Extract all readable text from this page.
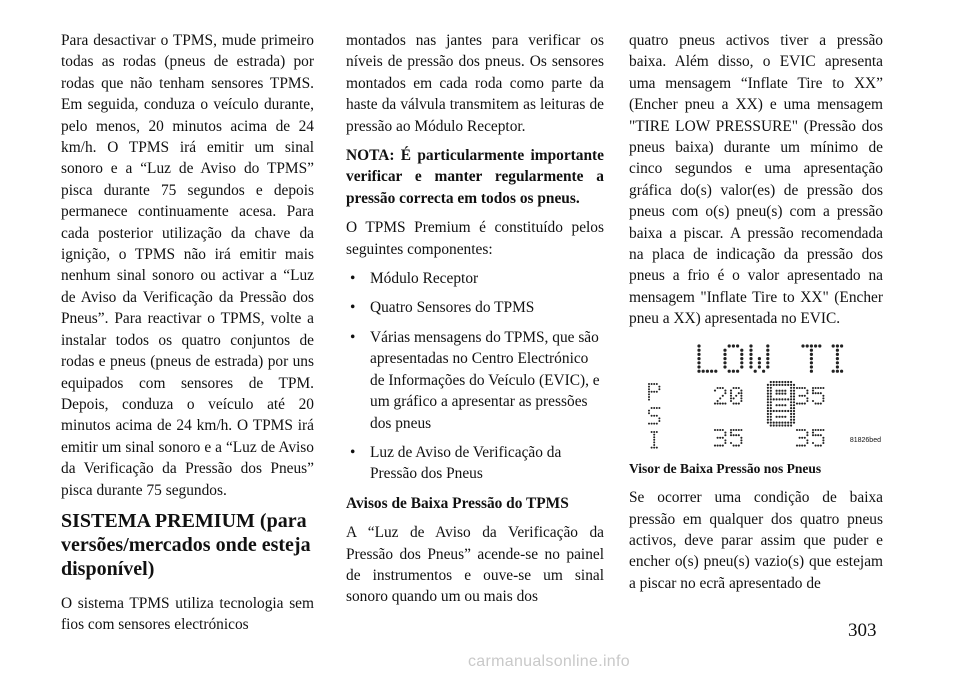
Para desactivar o TPMS, mude primeiro todas as rodas (pneus de estrada) por rodas que não tenham sensores TPMS. Em seguida, conduza o veículo durante, pelo menos, 20 minutos acima de 24 km/h. O TPMS irá emitir um sinal sonoro e a “Luz de Aviso do TPMS” pisca durante 75 segundos e depois permanece continuamente acesa. Para cada posterior utilização da chave da ignição, o TPMS não irá emitir mais nenhum sinal sonoro ou activar a “Luz de Aviso da Verificação da Pressão dos Pneus”. Para reactivar o TPMS, volte a instalar todos os quatro conjuntos de rodas e pneus (pneus de estrada) por uns equipados com sensores de TPM. Depois, conduza o veículo até 20 minutos acima de 24 km/h. O TPMS irá emitir um sinal sonoro e a “Luz de Aviso da Verificação da Pressão dos Pneus” pisca durante 75 segundos.

SISTEMA PREMIUM (para versões/mercados onde esteja disponível)

O sistema TPMS utiliza tecnologia sem fios com sensores electrónicos

montados nas jantes para verificar os níveis de pressão dos pneus. Os sensores montados em cada roda como parte da haste da válvula transmitem as leituras de pressão ao Módulo Receptor.

NOTA: É particularmente importante verificar e manter regularmente a pressão correcta em todos os pneus.

O TPMS Premium é constituído pelos seguintes componentes:

• Módulo Receptor
• Quatro Sensores do TPMS
• Várias mensagens do TPMS, que são apresentadas no Centro Electrónico de Informações do Veículo (EVIC), e um gráfico a apresentar as pressões dos pneus
• Luz de Aviso de Verificação da Pressão dos Pneus

Avisos de Baixa Pressão do TPMS

A “Luz de Aviso da Verificação da Pressão dos Pneus” acende-se no painel de instrumentos e ouve-se um sinal sonoro quando um ou mais dos

quatro pneus activos tiver a pressão baixa. Além disso, o EVIC apresenta uma mensagem “Inflate Tire to XX” (Encher pneu a XX) e uma mensagem "TIRE LOW PRESSURE" (Pressão dos pneus baixa) durante um mínimo de cinco segundos e uma apresentação gráfica do(s) valor(es) de pressão dos pneus com o(s) pneu(s) com a pressão baixa a piscar. A pressão recomendada na placa de indicação da pressão dos pneus a frio é o valor apresentado na mensagem "Inflate Tire to XX" (Encher pneu a XX) apresentada no EVIC.

81826bed

Visor de Baixa Pressão nos Pneus

Se ocorrer uma condição de baixa pressão em qualquer dos quatro pneus activos, deve parar assim que puder e encher o(s) pneu(s) vazio(s) que estejam a piscar no ecrã apresentado de

303
carmanualsonline.info
